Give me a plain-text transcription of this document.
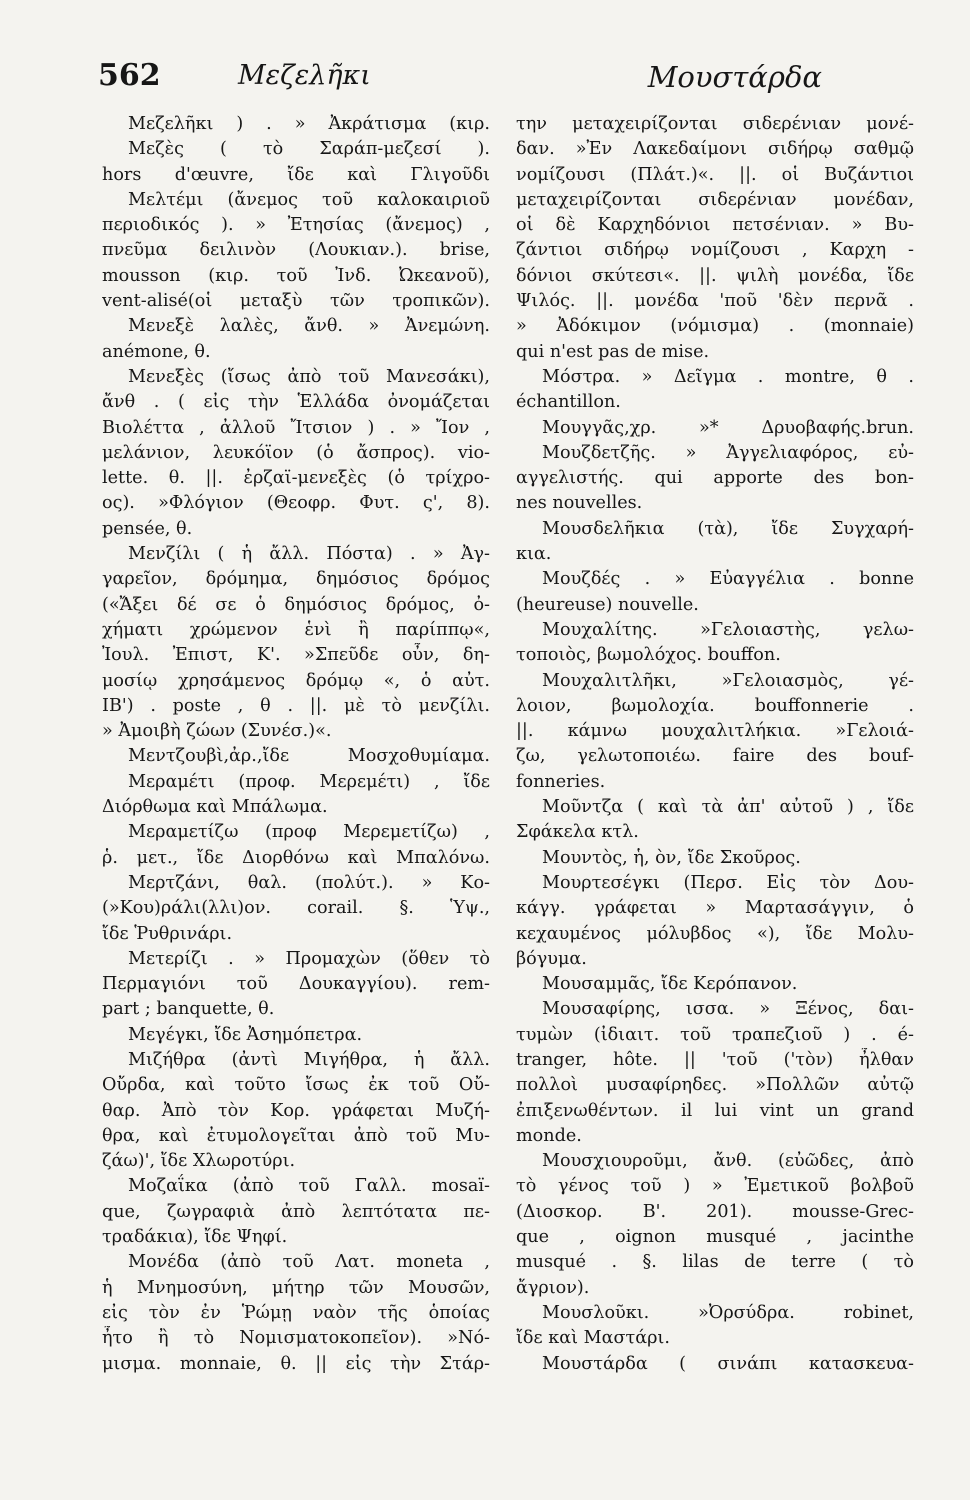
562	Μεζελῆκι	Μουστάρδα
Μεζελῆκι ) . » Ἀκράτισμα (κιρ.
Μεζὲς ( τὸ Σαράπ-μεζεσί ).
hors d'œuvre, ἴδε καὶ Γλιγοῦδι
Μελτέμι (ἄνεμος τοῦ καλοκαιριοῦ
περιοδικός ). » Ἐτησίας (ἄνεμος) ,
πνεῦμα δειλινὸν (Λουκιαν.). brise,
mousson (κιρ. τοῦ Ἰνδ. Ὠκεανοῦ),
vent-alisé(οἱ μεταξὺ τῶν τροπικῶν).
Μενεξὲ λαλὲς, ἄνθ. » Ἀνεμώνη.
anémone, θ.
Μενεξὲς (ἴσως ἀπὸ τοῦ Μανεσάκι),
ἄνθ . ( εἰς τὴν Ἑλλάδα ὀνομάζεται
Βιολέττα , ἀλλοῦ Ἴτσιον ) . » Ἴον ,
μελάνιον, λευκόϊον (ὁ ἄσπρος). vio-
lette. θ. ||. ἐρζαϊ-μενεξὲς (ὁ τρίχρο-
ος). »Φλόγιον (Θεοφρ. Φυτ. ς', 8).
pensée, θ.
Μενζίλι ( ἡ ἄλλ. Πόστα) . » Ἀγ-
γαρεῖον, δρόμημα, δημόσιος δρόμος
(«Ἄξει δέ σε ὁ δημόσιος δρόμος, ὀ-
χήματι χρώμενον ἑνὶ ἢ παρίππῳ«,
Ἰουλ. Ἐπιστ, Κ'. »Σπεῦδε οὖν, δη-
μοσίῳ χρησάμενος δρόμῳ «, ὁ αὐτ.
ΙΒ') . poste , θ . ||. μὲ τὸ μενζίλι.
» Ἀμοιβὴ ζώων (Συνέσ.)«.
Μεντζουβὶ,ἀρ.,ἴδε Μοσχοθυμίαμα.
Μεραμέτι (προφ. Μερεμέτι) , ἴδε
Διόρθωμα καὶ Μπάλωμα.
Μεραμετίζω (προφ Μερεμετίζω) ,
ῥ. μετ., ἴδε Διορθόνω καὶ Μπαλόνω.
Μερτζάνι, θαλ. (πολύτ.). » Κο-
(»Κου)ράλι(λλι)ον. corail. §. Ὑψ.,
ἴδε Ῥυθρινάρι.
Μετερίζι . » Προμαχὼν (ὅθεν τὸ
Περμαγιόνι τοῦ Δουκαγγίου). rem-
part ; banquette, θ.
Μεγέγκι, ἴδε Ἀσημόπετρα.
Μιζήθρα (ἀντὶ Μιγήθρα, ἡ ἄλλ.
Οὔρδα, καὶ τοῦτο ἴσως ἐκ τοῦ Οὔ-
θαρ. Ἀπὸ τὸν Κορ. γράφεται Μυζή-
θρα, καὶ ἐτυμολογεῖται ἀπὸ τοῦ Μυ-
ζάω)', ἴδε Χλωροτύρι.
Μοζαΐκα (ἀπὸ τοῦ Γαλλ. mosaï-
que, ζωγραφιὰ ἀπὸ λεπτότατα πε-
τραδάκια), ἴδε Ψηφί.
Μονέδα (ἀπὸ τοῦ Λατ. moneta ,
ἡ Μνημοσύνη, μήτηρ τῶν Μουσῶν,
εἰς τὸν ἐν Ῥώμῃ ναὸν τῆς ὁποίας
ἦτο ἢ τὸ Νομισματοκοπεῖον). »Νό-
μισμα. monnaie, θ. || εἰς τὴν Στάρ-
την μεταχειρίζονται σιδερένιαν μονέ-
δαν. »Ἐν Λακεδαίμονι σιδήρῳ σαθμῷ
νομίζουσι (Πλάτ.)«. ||. οἱ Βυζάντιοι
μεταχειρίζονται σιδερένιαν μονέδαν,
οἱ δὲ Καρχηδόνιοι πετσένιαν. » Βυ-
ζάντιοι σιδήρῳ νομίζουσι , Καρχη -
δόνιοι σκύτεσι«. ||. ψιλὴ μονέδα, ἴδε
Ψιλός. ||. μονέδα 'ποῦ 'δὲν περνᾶ .
» Ἀδόκιμον (νόμισμα) . (monnaie)
qui n'est pas de mise.
Μόστρα. » Δεῖγμα . montre, θ .
échantillon.
Μουγγᾶς,χρ. »* Δρυοβαφής.brun.
Μουζδετζῆς. » Ἀγγελιαφόρος, εὐ-
αγγελιστής. qui apporte des bon-
nes nouvelles.
Μουσδελῆκια (τὰ), ἴδε Συγχαρή-
κια.
Μουζδές . » Εὐαγγέλια . bonne
(heureuse) nouvelle.
Μουχαλίτης. »Γελοιαστὴς, γελω-
τοποιὸς, βωμολόχος. bouffon.
Μουχαλιτλῆκι, »Γελοιασμὸς, γέ-
λοιον, βωμολοχία. bouffonnerie .
||. κάμνω μουχαλιτλήκια. »Γελοιά-
ζω, γελωτοποιέω. faire des bouf-
fonneries.
Μοῦντζα ( καὶ τὰ ἀπ' αὐτοῦ ) , ἴδε
Σφάκελα κτλ.
Μουντὸς, ἡ, ὸν, ἴδε Σκοῦρος.
Μουρτεσέγκι (Περσ. Εἰς τὸν Δου-
κάγγ. γράφεται » Μαρτασάγγιν, ὁ
κεχαυμένος μόλυβδος «), ἴδε Μολυ-
βόγυμα.
Μουσαμμᾶς, ἴδε Κερόπανον.
Μουσαφίρης, ισσα. » Ξένος, δαι-
τυμὼν (ἰδιαιτ. τοῦ τραπεζιοῦ ) . é-
tranger, hôte. || 'τοῦ ('τὸν) ἦλθαν
πολλοὶ μυσαφίρηδες. »Πολλῶν αὐτῷ
ἐπιξενωθέντων. il lui vint un grand
monde.
Μουσχιουροῦμι, ἄνθ. (εὐῶδες, ἀπὸ
τὸ γένος τοῦ ) » Ἐμετικοῦ βολβοῦ
(Διοσκορ. Β'. 201). mousse-Grec-
que , oignon musqué , jacinthe
musqué . §. lilas de terre ( τὸ
ἄγριον).
Μουσλοῦκι. »Ὀρσύδρα. robinet,
ἴδε καὶ Μαστάρι.
Μουστάρδα ( σινάπι κατασκευα-
